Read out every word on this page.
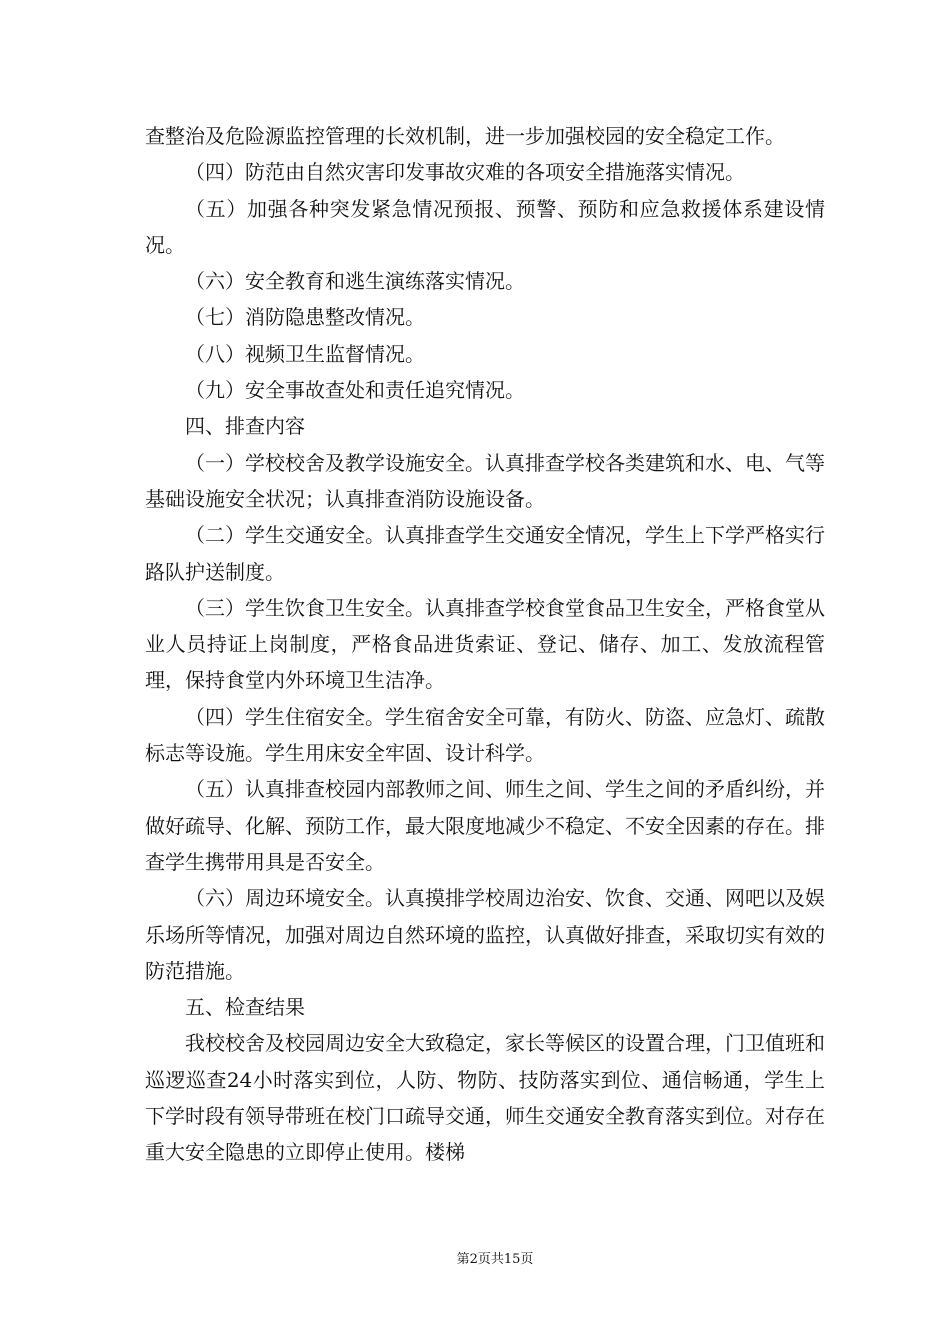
查整治及危险源监控管理的长效机制，进一步加强校园的安全稳定工作。

（四）防范由自然灾害印发事故灾难的各项安全措施落实情况。

（五）加强各种突发紧急情况预报、预警、预防和应急救援体系建设情况。

（六）安全教育和逃生演练落实情况。

（七）消防隐患整改情况。

（八）视频卫生监督情况。

（九）安全事故查处和责任追究情况。

四、排查内容

（一）学校校舍及教学设施安全。认真排查学校各类建筑和水、电、气等基础设施安全状况；认真排查消防设施设备。

（二）学生交通安全。认真排查学生交通安全情况，学生上下学严格实行路队护送制度。

（三）学生饮食卫生安全。认真排查学校食堂食品卫生安全，严格食堂从业人员持证上岗制度，严格食品进货索证、登记、储存、加工、发放流程管理，保持食堂内外环境卫生洁净。

（四）学生住宿安全。学生宿舍安全可靠，有防火、防盗、应急灯、疏散标志等设施。学生用床安全牢固、设计科学。

（五）认真排查校园内部教师之间、师生之间、学生之间的矛盾纠纷，并做好疏导、化解、预防工作，最大限度地减少不稳定、不安全因素的存在。排查学生携带用具是否安全。

（六）周边环境安全。认真摸排学校周边治安、饮食、交通、网吧以及娱乐场所等情况，加强对周边自然环境的监控，认真做好排查，采取切实有效的防范措施。

五、检查结果

我校校舍及校园周边安全大致稳定，家长等候区的设置合理，门卫值班和巡逻巡查24小时落实到位，人防、物防、技防落实到位、通信畅通，学生上下学时段有领导带班在校门口疏导交通，师生交通安全教育落实到位。对存在重大安全隐患的立即停止使用。楼梯

第2页共15页
